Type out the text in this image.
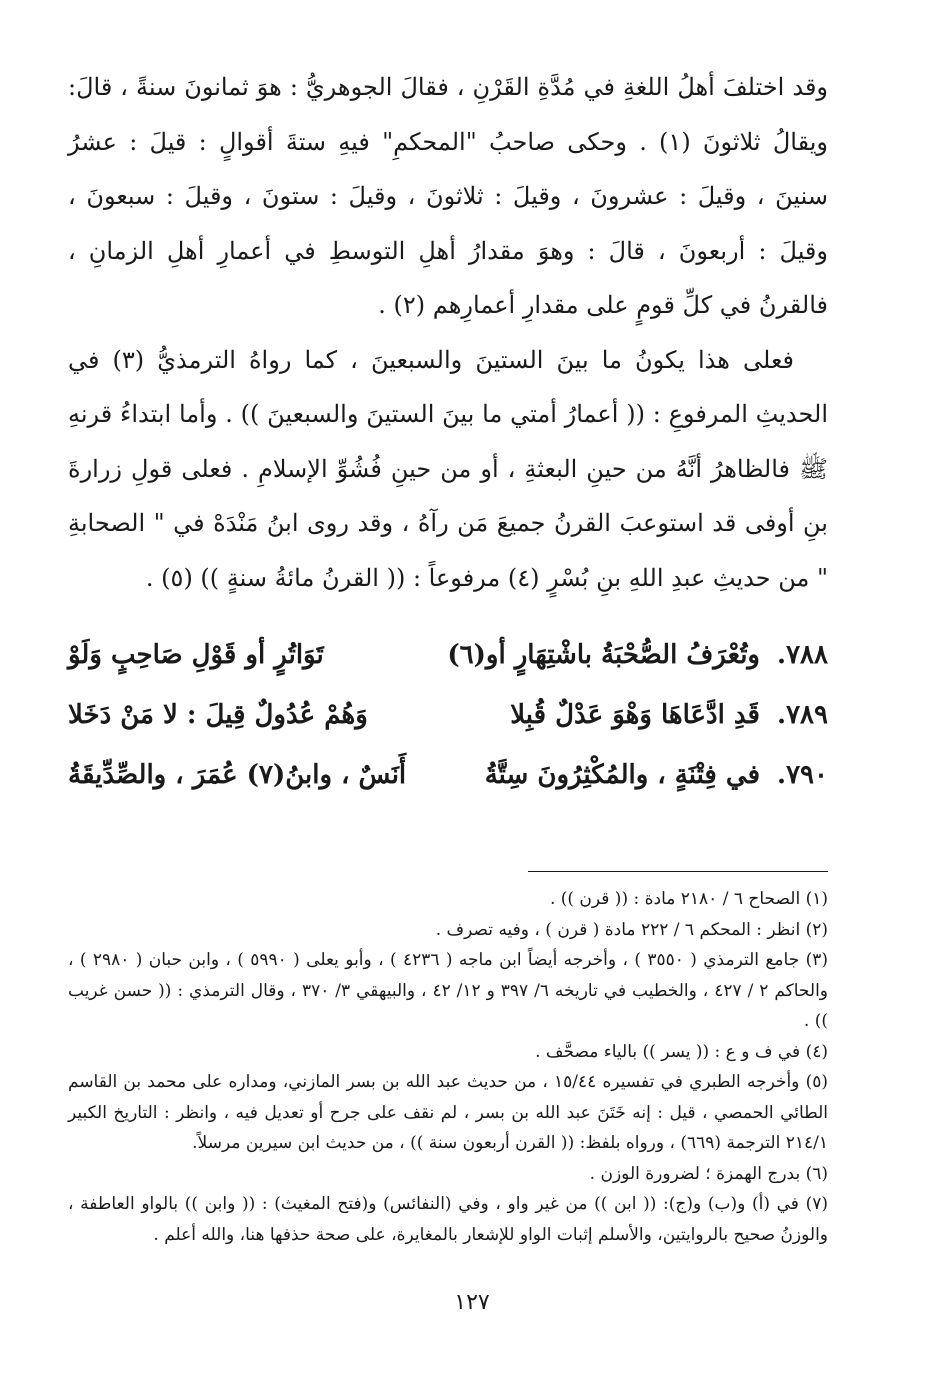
وقد اختلفَ أهلُ اللغةِ في مُدَّةِ القَرْنِ ، فقالَ الجوهريُّ : هوَ ثمانونَ سنةً ، قالَ: ويقالُ ثلاثونَ (١) . وحكى صاحبُ "المحكمِ" فيهِ ستةَ أقوالٍ : قيلَ : عشرُ سنينَ ، وقيلَ : عشرونَ ، وقيلَ : ثلاثونَ ، وقيلَ : ستونَ ، وقيلَ : سبعونَ ، وقيلَ : أربعونَ ، قالَ : وهوَ مقدارُ أهلِ التوسطِ في أعمارِ أهلِ الزمانِ ، فالقرنُ في كلِّ قومٍ على مقدارِ أعمارِهم (٢) .

فعلى هذا يكونُ ما بينَ الستينَ والسبعينَ ، كما رواهُ الترمذيُّ (٣) في الحديثِ المرفوعِ : (( أعمارُ أمتي ما بينَ الستينَ والسبعينَ )) . وأما ابتداءُ قرنهِ ﷺ فالظاهرُ أنَّهُ من حينِ البعثةِ ، أو من حينِ فُشُوِّ الإسلامِ . فعلى قولِ زرارةَ بنِ أوفى قد استوعبَ القرنُ جميعَ مَن رآهُ ، وقد روى ابنُ مَنْدَهْ في " الصحابةِ " من حديثِ عبدِ اللهِ بنِ بُسْرٍ (٤) مرفوعاً : (( القرنُ مائةُ سنةٍ )) (٥) .

٧٨٨.
وتُعْرَفُ الصُّحْبَةُ باشْتِهَارٍ أو(٦)
تَوَاتُرٍ أو قَوْلِ صَاحِبٍ وَلَوْ
٧٨٩.
قَدِ ادَّعَاهَا وَهْوَ عَدْلٌ قُبِلا
وَهُمْ عُدُولٌ قِيلَ : لا مَنْ دَخَلا
٧٩٠.
في فِتْنَةٍ ، والمُكْثِرُونَ سِتَّةُ
أَنَسٌ ، وابنُ(٧) عُمَرَ ، والصِّدِّيقَةُ

(١) الصحاح ٦ / ٢١٨٠ مادة : (( قرن )) .

(٢) انظر : المحكم ٦ / ٢٢٢ مادة ( قرن ) ، وفيه تصرف .

(٣) جامع الترمذي ( ٣٥٥٠ ) ، وأخرجه أيضاً ابن ماجه ( ٤٢٣٦ ) ، وأبو يعلى ( ٥٩٩٠ ) ، وابن حبان ( ٢٩٨٠ ) ، والحاكم ٢ / ٤٢٧ ، والخطيب في تاريخه ٦/ ٣٩٧ و ١٢/ ٤٢ ، والبيهقي ٣/ ٣٧٠ ، وقال الترمذي : (( حسن غريب )) .

(٤) في ف و ع : (( يسر )) بالياء مصحَّف .

(٥) وأخرجه الطبري في تفسيره ١٥/٤٤ ، من حديث عبد الله بن بسر المازني، ومداره على محمد بن القاسم الطائي الحمصي ، قيل : إنه خَتَنَ عبد الله بن بسر ، لم نقف على جرح أو تعديل فيه ، وانظر : التاريخ الكبير ٢١٤/١ الترجمة (٦٦٩) ، ورواه بلفظ: (( القرن أربعون سنة )) ، من حديث ابن سيرين مرسلاً.

(٦) بدرج الهمزة ؛ لضرورة الوزن .

(٧) في (أ) و(ب) و(ج): (( ابن )) من غير واو ، وفي (النفائس) و(فتح المغيث) : (( وابن )) بالواو العاطفة ، والوزنُ صحيح بالروايتين، والأسلم إثبات الواو للإشعار بالمغايرة، على صحة حذفها هنا، والله أعلم .

١٢٧
